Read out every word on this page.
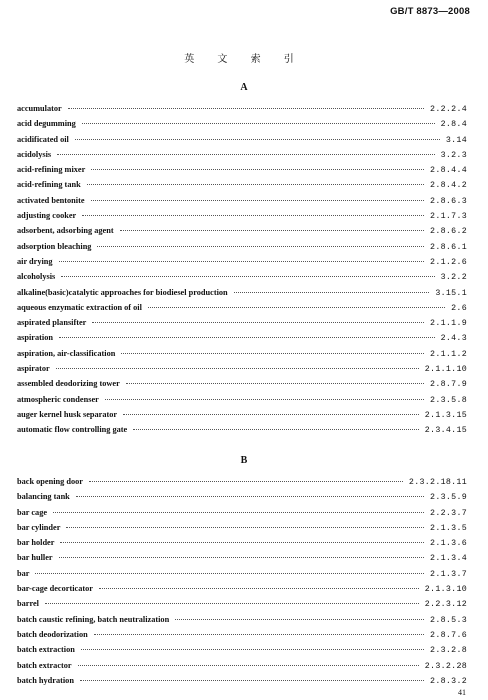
GB/T 8873—2008
英 文 索 引
A
accumulator	2.2.2.4
acid degumming	2.8.4
acidificated oil	3.14
acidolysis	3.2.3
acid-refining mixer	2.8.4.4
acid-refining tank	2.8.4.2
activated bentonite	2.8.6.3
adjusting cooker	2.1.7.3
adsorbent, adsorbing agent	2.8.6.2
adsorption bleaching	2.8.6.1
air drying	2.1.2.6
alcoholysis	3.2.2
alkaline(basic)catalytic approaches for biodiesel production	3.15.1
aqueous enzymatic extraction of oil	2.6
aspirated plansifter	2.1.1.9
aspiration	2.4.3
aspiration, air-classification	2.1.1.2
aspirator	2.1.1.10
assembled deodorizing tower	2.8.7.9
atmospheric condenser	2.3.5.8
auger kernel husk separator	2.1.3.15
automatic flow controlling gate	2.3.4.15
B
back opening door	2.3.2.18.11
balancing tank	2.3.5.9
bar cage	2.2.3.7
bar cylinder	2.1.3.5
bar holder	2.1.3.6
bar huller	2.1.3.4
bar	2.1.3.7
bar-cage decorticator	2.1.3.10
barrel	2.2.3.12
batch caustic refining, batch neutralization	2.8.5.3
batch deodorization	2.8.7.6
batch extraction	2.3.2.8
batch extractor	2.3.2.28
batch hydration	2.8.3.2
41
